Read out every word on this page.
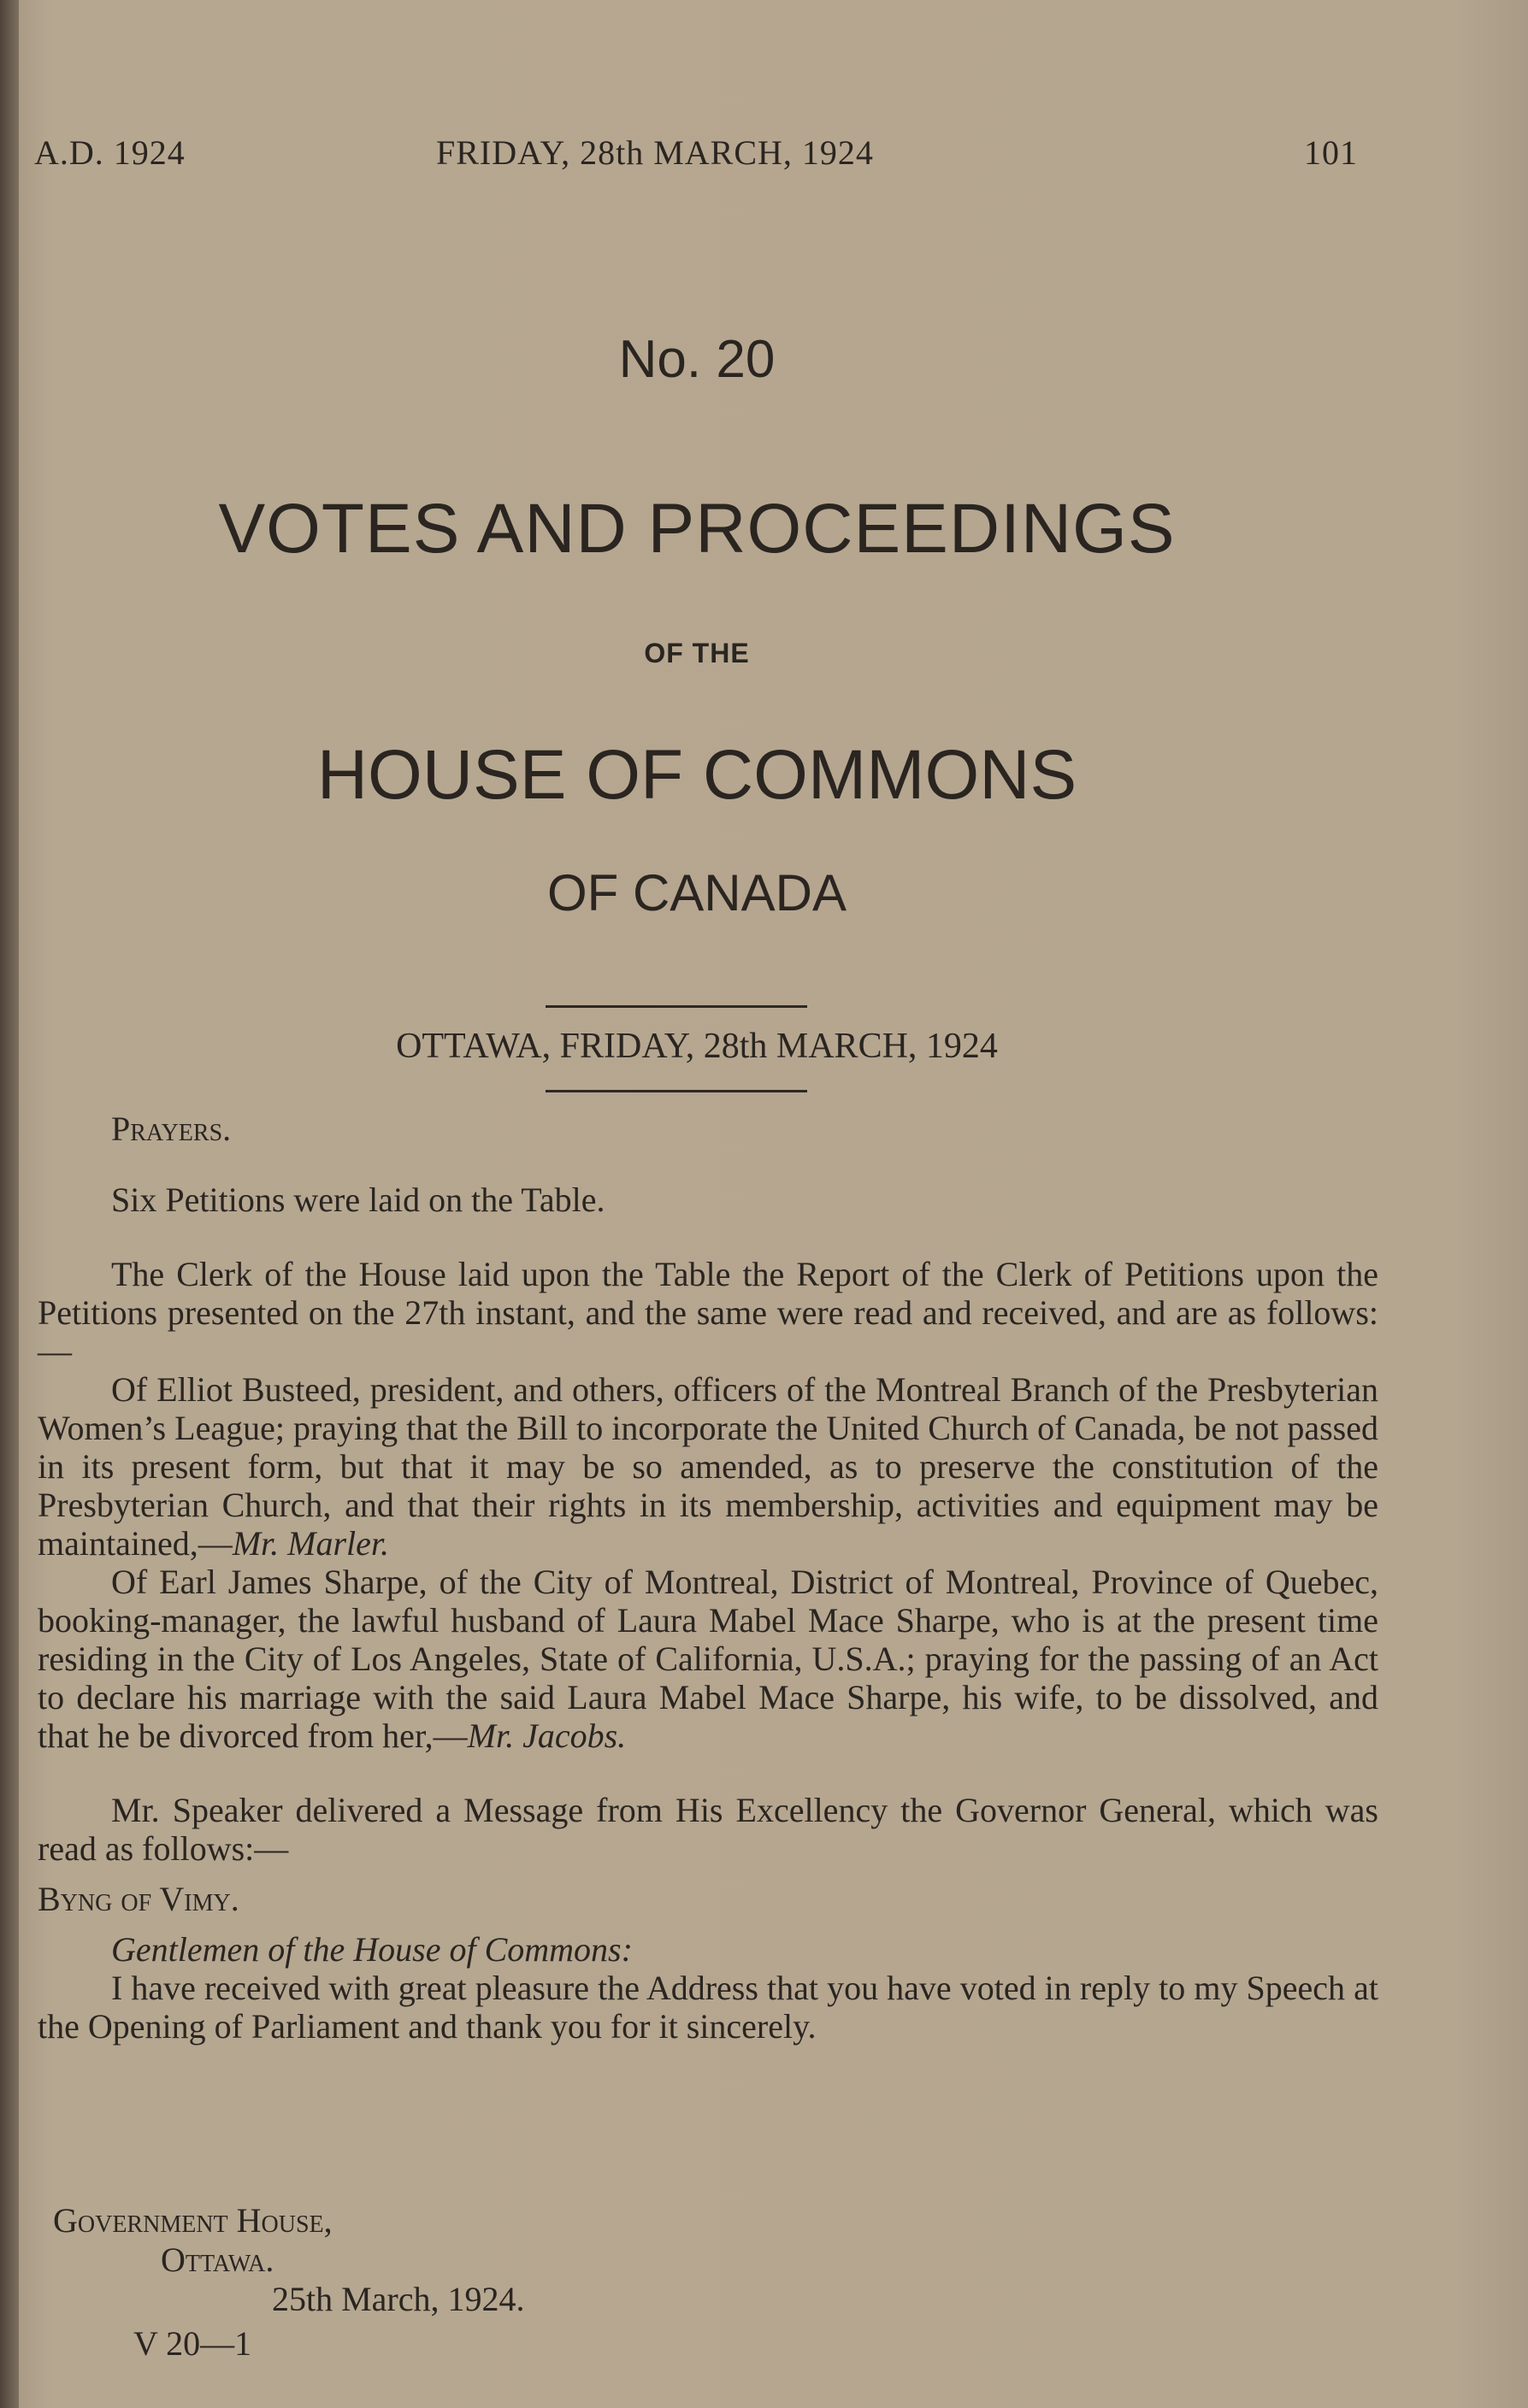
A.D. 1924	FRIDAY, 28th MARCH, 1924	101
No. 20
VOTES AND PROCEEDINGS
OF THE
HOUSE OF COMMONS
OF CANADA
OTTAWA, FRIDAY, 28th MARCH, 1924

Prayers.

Six Petitions were laid on the Table.

The Clerk of the House laid upon the Table the Report of the Clerk of Petitions upon the Petitions presented on the 27th instant, and the same were read and received, and are as follows:—

Of Elliot Busteed, president, and others, officers of the Montreal Branch of the Presbyterian Women’s League; praying that the Bill to incorporate the United Church of Canada, be not passed in its present form, but that it may be so amended, as to preserve the constitution of the Presbyterian Church, and that their rights in its membership, activities and equipment may be maintained,—Mr. Marler.

Of Earl James Sharpe, of the City of Montreal, District of Montreal, Province of Quebec, booking-manager, the lawful husband of Laura Mabel Mace Sharpe, who is at the present time residing in the City of Los Angeles, State of California, U.S.A.; praying for the passing of an Act to declare his marriage with the said Laura Mabel Mace Sharpe, his wife, to be dissolved, and that he be divorced from her,—Mr. Jacobs.

Mr. Speaker delivered a Message from His Excellency the Governor General, which was read as follows:—

Byng of Vimy.

Gentlemen of the House of Commons:

I have received with great pleasure the Address that you have voted in reply to my Speech at the Opening of Parliament and thank you for it sincerely.

Government House,
Ottawa.
25th March, 1924.
V 20—1
